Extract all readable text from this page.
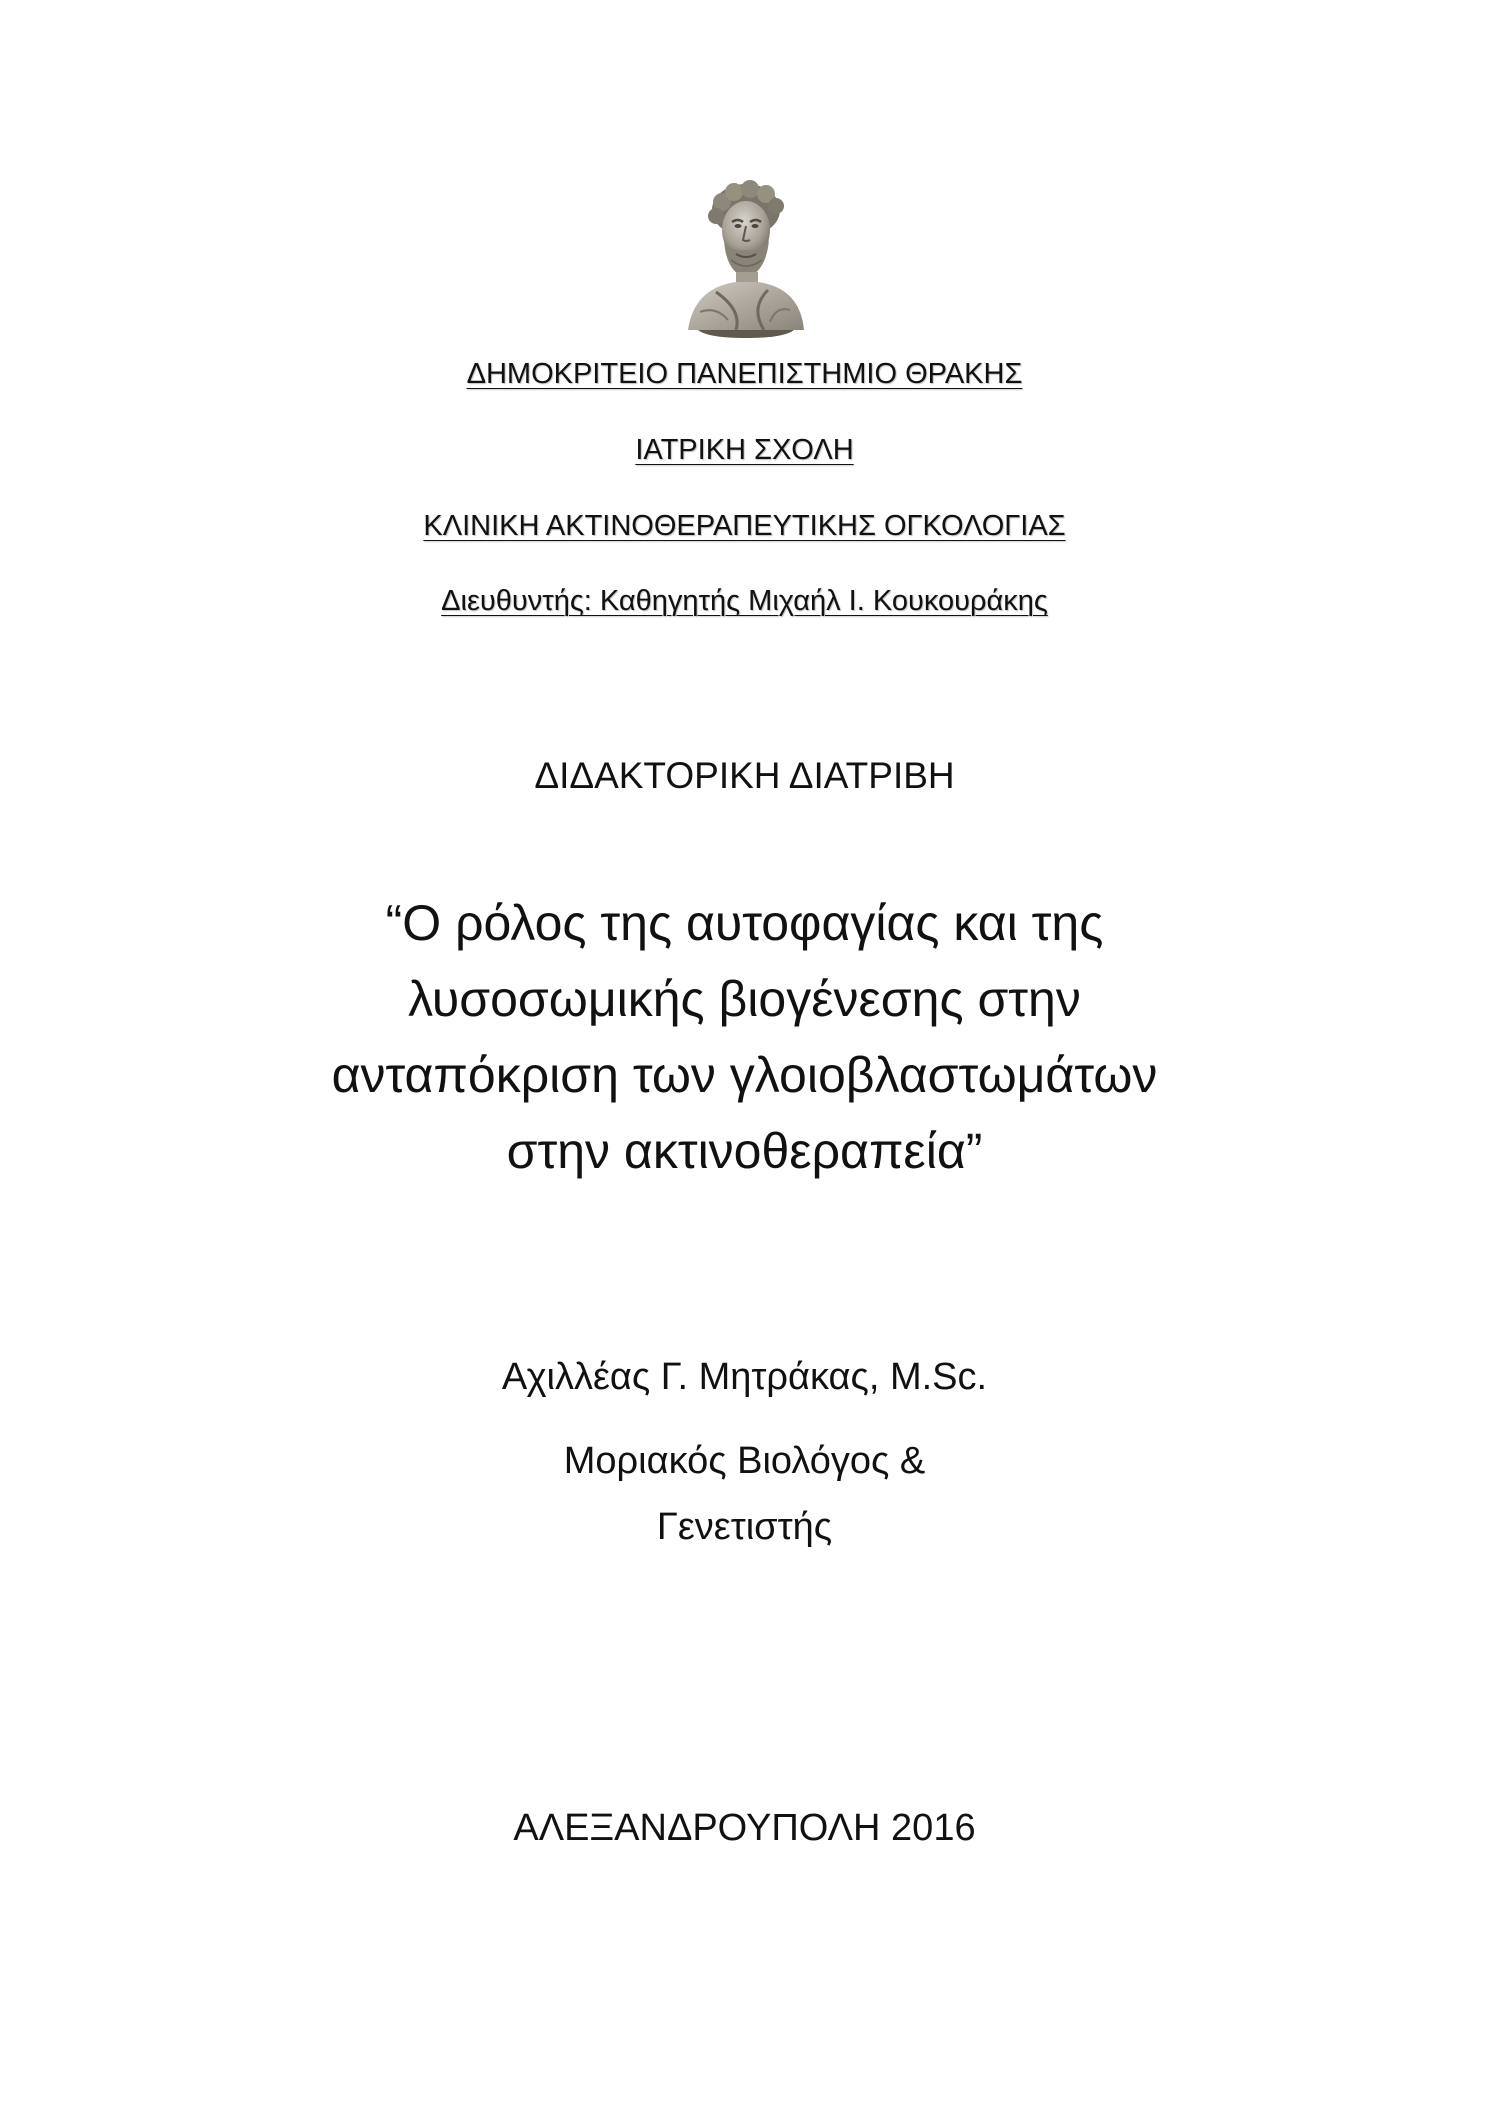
ΔΗΜΟΚΡΙΤΕΙΟ ΠΑΝΕΠΙΣΤΗΜΙΟ ΘΡΑΚΗΣ
ΙΑΤΡΙΚΗ ΣΧΟΛΗ
ΚΛΙΝΙΚΗ ΑΚΤΙΝΟΘΕΡΑΠΕΥΤΙΚΗΣ ΟΓΚΟΛΟΓΙΑΣ
Διευθυντής: Καθηγητής Μιχαήλ Ι. Κουκουράκης
ΔΙΔΑΚΤΟΡΙΚΗ ΔΙΑΤΡΙΒΗ
“Ο ρόλος της αυτοφαγίας και της
λυσοσωμικής βιογένεσης στην
ανταπόκριση των γλοιοβλαστωμάτων
στην ακτινοθεραπεία”
Αχιλλέας Γ. Μητράκας, M.Sc.
Μοριακός Βιολόγος &
Γενετιστής
ΑΛΕΞΑΝΔΡΟΥΠΟΛΗ 2016
